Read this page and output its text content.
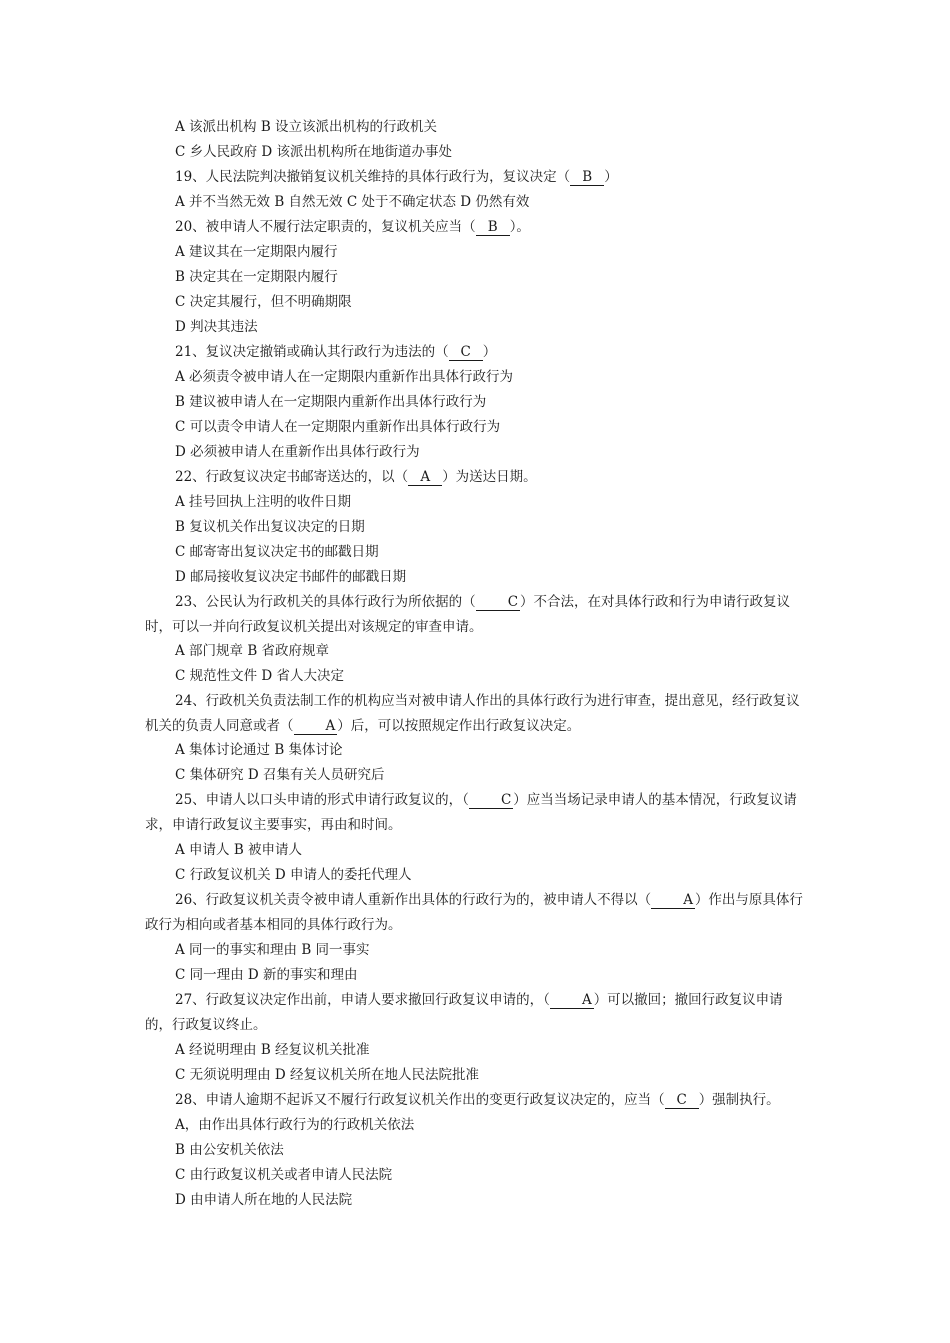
A 该派出机构 B 设立该派出机构的行政机关
C 乡人民政府 D 该派出机构所在地街道办事处
19、人民法院判决撤销复议机关维持的具体行政行为，复议决定（ B ）
A 并不当然无效 B 自然无效 C 处于不确定状态 D 仍然有效
20、被申请人不履行法定职责的，复议机关应当（ B ）。
A 建议其在一定期限内履行
B 决定其在一定期限内履行
C 决定其履行，但不明确期限
D 判决其违法
21、复议决定撤销或确认其行政行为违法的（ C ）
A 必须责令被申请人在一定期限内重新作出具体行政行为
B 建议被申请人在一定期限内重新作出具体行政行为
C 可以责令申请人在一定期限内重新作出具体行政行为
D 必须被申请人在重新作出具体行政行为
22、行政复议决定书邮寄送达的，以（ A ）为送达日期。
A 挂号回执上注明的收件日期
B 复议机关作出复议决定的日期
C 邮寄寄出复议决定书的邮戳日期
D 邮局接收复议决定书邮件的邮戳日期
23、公民认为行政机关的具体行政行为所依据的（ C ）不合法，在对具体行政和行为申请行政复议时，可以一并向行政复议机关提出对该规定的审查申请。
A 部门规章 B 省政府规章
C 规范性文件 D 省人大决定
24、行政机关负责法制工作的机构应当对被申请人作出的具体行政行为进行审查，提出意见，经行政复议机关的负责人同意或者（ A ）后，可以按照规定作出行政复议决定。
A 集体讨论通过 B 集体讨论
C 集体研究 D 召集有关人员研究后
25、申请人以口头申请的形式申请行政复议的，（ C ）应当当场记录申请人的基本情况，行政复议请求，申请行政复议主要事实，再由和时间。
A 申请人 B 被申请人
C 行政复议机关 D 申请人的委托代理人
26、行政复议机关责令被申请人重新作出具体的行政行为的，被申请人不得以（ A ）作出与原具体行政行为相向或者基本相同的具体行政行为。
A 同一的事实和理由 B 同一事实
C 同一理由 D 新的事实和理由
27、行政复议决定作出前，申请人要求撤回行政复议申请的，（ A ）可以撤回；撤回行政复议申请的，行政复议终止。
A 经说明理由 B 经复议机关批准
C 无须说明理由 D 经复议机关所在地人民法院批准
28、申请人逾期不起诉又不履行行政复议机关作出的变更行政复议决定的，应当（ C ）强制执行。
A，由作出具体行政行为的行政机关依法
B 由公安机关依法
C 由行政复议机关或者申请人民法院
D 由申请人所在地的人民法院
